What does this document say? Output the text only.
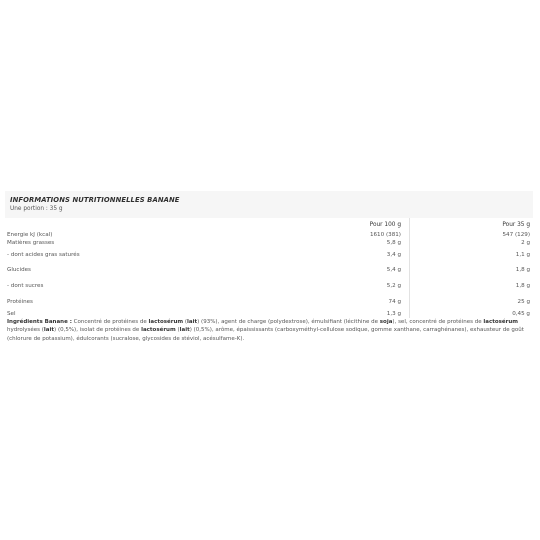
INFORMATIONS NUTRITIONNELLES BANANE
Une portion : 35 g
	Pour 100 g	Pour 35 g
Energie kJ (kcal)	1610 (381)	547 (129)
Matières grasses	5,8 g	2 g
- dont acides gras saturés	3,4 g	1,1 g
Glucides	5,4 g	1,8 g
- dont sucres	5,2 g	1,8 g
Protéines	74 g	25 g
Sel	1,3 g	0,45 g
Ingrédients Banane : Concentré de protéines de lactosérum (lait) (93%), agent de charge (polydextrose), émulsifiant (lécithine de soja), sel, concentré de protéines de lactosérum hydrolysées (lait) (0,5%), isolat de protéines de lactosérum (lait) (0,5%), arôme, épaississants (carboxyméthyl-cellulose sodique, gomme xanthane, carraghénanes), exhausteur de goût (chlorure de potassium), édulcorants (sucralose, glycosides de stéviol, acésulfame-K).
